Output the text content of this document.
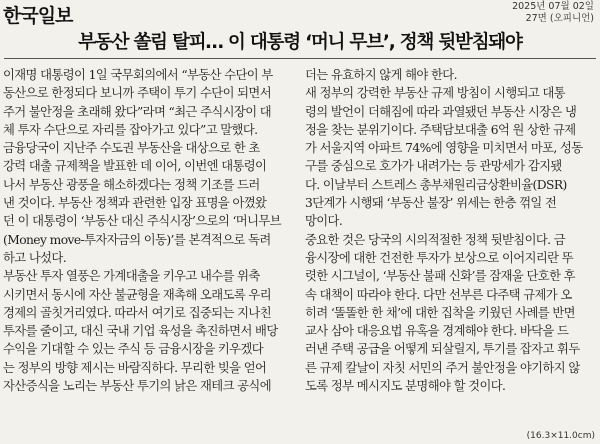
한국일보	2025년 07월 02일
27면 (오피니언)
부동산 쏠림 탈피… 이 대통령 ‘머니 무브’, 정책 뒷받침돼야
이재명 대통령이 1일 국무회의에서 “부동산 수단이 부
동산으로 한정되다 보니까 주택이 투기 수단이 되면서
주거 불안정을 초래해 왔다”라며 “최근 주식시장이 대
체 투자 수단으로 자리를 잡아가고 있다”고 말했다.
금융당국이 지난주 수도권 부동산을 대상으로 한 초
강력 대출 규제책을 발표한 데 이어, 이번엔 대통령이
나서 부동산 광풍을 해소하겠다는 정책 기조를 드러
낸 것이다. 부동산 정책과 관련한 입장 표명을 아꼈왔
던 이 대통령이 ‘부동산 대신 주식시장’으로의 ‘머니무브
(Money move-투자자금의 이동)’를 본격적으로 독려
하고 나섰다.
부동산 투자 열풍은 가계대출을 키우고 내수를 위축
시키면서 동시에 자산 불균형을 재촉해 오래도록 우리
경제의 골칫거리였다. 따라서 여기로 집중되는 지나친
투자를 줄이고, 대신 국내 기업 육성을 촉진하면서 배당
수익을 기대할 수 있는 주식 등 금융시장을 키우겠다
는 정부의 방향 제시는 바람직하다. 무리한 빚을 얻어
자산증식을 노리는 부동산 투기의 낡은 재테크 공식에
더는 유효하지 않게 해야 한다.
새 정부의 강력한 부동산 규제 방침이 시행되고 대통
령의 발언이 더해짐에 따라 과열됐던 부동산 시장은 냉
정을 찾는 분위기이다. 주택담보대출 6억 원 상한 규제
가 서울지역 아파트 74%에 영향을 미치면서 마포, 성동
구를 중심으로 호가가 내려가는 등 관망세가 감지됐
다. 이날부터 스트레스 총부채원리금상환비율(DSR)
3단계가 시행돼 ‘부동산 불장’ 위세는 한층 꺾일 전
망이다.
중요한 것은 당국의 시의적절한 정책 뒷받침이다. 금
융시장에 대한 건전한 투자가 보상으로 이어지리란 뚜
렷한 시그널이, ‘부동산 불패 신화’를 잠재울 단호한 후
속 대책이 따라야 한다. 다만 선부른 다주택 규제가 오
히려 ‘똘똘한 한 채’에 대한 집착을 키웠던 사례를 반면
교사 삼아 대응요법 유혹을 경계해야 한다. 바닥을 드
러낸 주택 공급을 어떻게 되살릴지, 투기를 잡자고 휘두
른 규제 칼날이 자칫 서민의 주거 불안정을 야기하지 않
도록 정부 메시지도 분명해야 할 것이다.
(16.3×11.0cm)
